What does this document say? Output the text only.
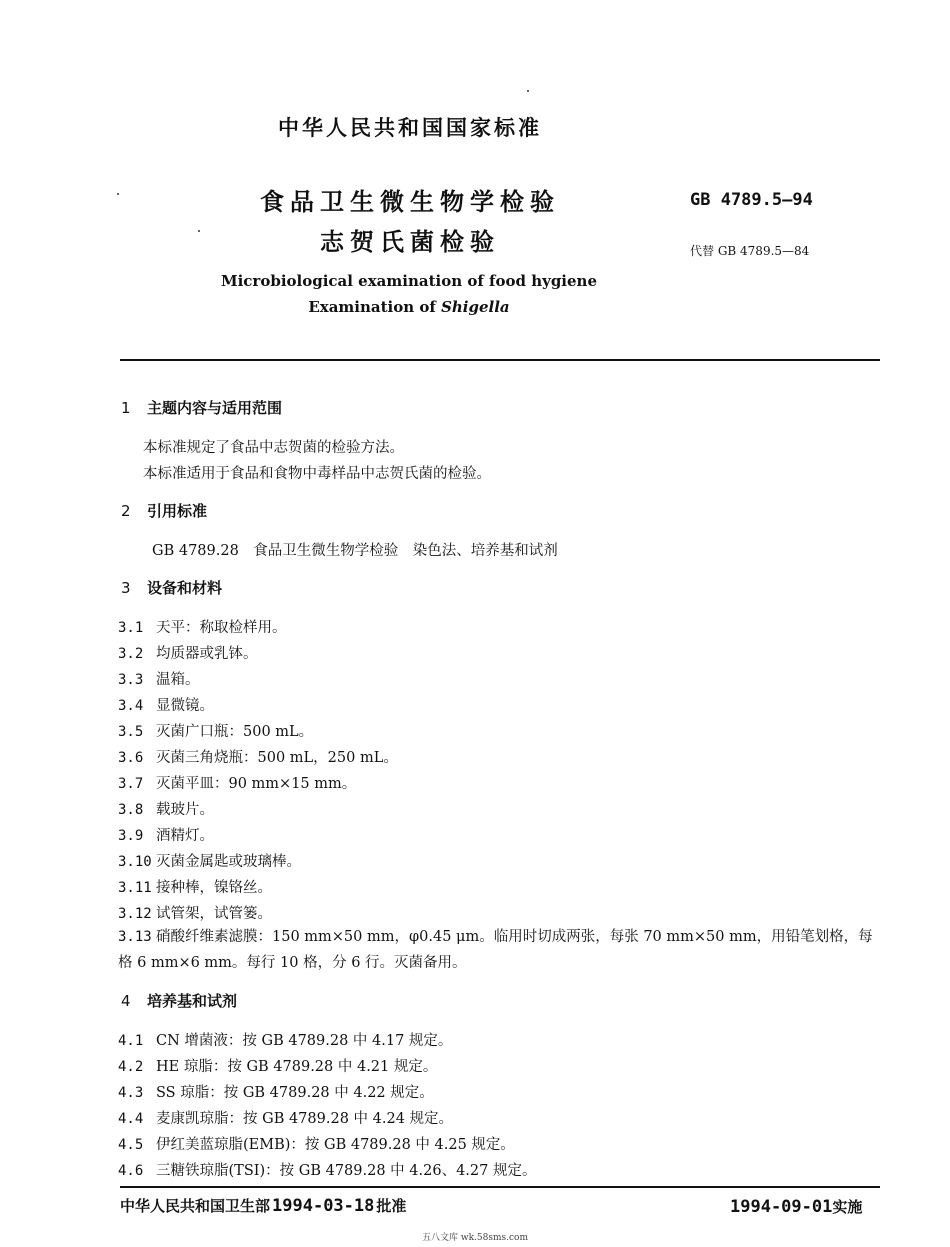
中华人民共和国国家标准
食品卫生微生物学检验
志贺氏菌检验
GB 4789.5—94
代替 GB 4789.5—84
Microbiological examination of food hygiene
Examination of Shigella
1 主题内容与适用范围
本标准规定了食品中志贺菌的检验方法。
本标准适用于食品和食物中毒样品中志贺氏菌的检验。
2 引用标准
GB 4789.28　食品卫生微生物学检验　染色法、培养基和试剂
3 设备和材料
3.1 天平：称取检样用。
3.2 均质器或乳钵。
3.3 温箱。
3.4 显微镜。
3.5 灭菌广口瓶：500 mL。
3.6 灭菌三角烧瓶：500 mL，250 mL。
3.7 灭菌平皿：90 mm×15 mm。
3.8 载玻片。
3.9 酒精灯。
3.10 灭菌金属匙或玻璃棒。
3.11 接种棒，镍铬丝。
3.12 试管架，试管篓。
3.13 硝酸纤维素滤膜：150 mm×50 mm，φ0.45 μm。临用时切成两张，每张 70 mm×50 mm，用铅笔划格，每格 6 mm×6 mm。每行 10 格，分 6 行。灭菌备用。
4 培养基和试剂
4.1 CN 增菌液：按 GB 4789.28 中 4.17 规定。
4.2 HE 琼脂：按 GB 4789.28 中 4.21 规定。
4.3 SS 琼脂：按 GB 4789.28 中 4.22 规定。
4.4 麦康凯琼脂：按 GB 4789.28 中 4.24 规定。
4.5 伊红美蓝琼脂(EMB)：按 GB 4789.28 中 4.25 规定。
4.6 三糖铁琼脂(TSI)：按 GB 4789.28 中 4.26、4.27 规定。
中华人民共和国卫生部 1994-03-18 批准	1994-09-01实施
五八文库 wk.58sms.com
